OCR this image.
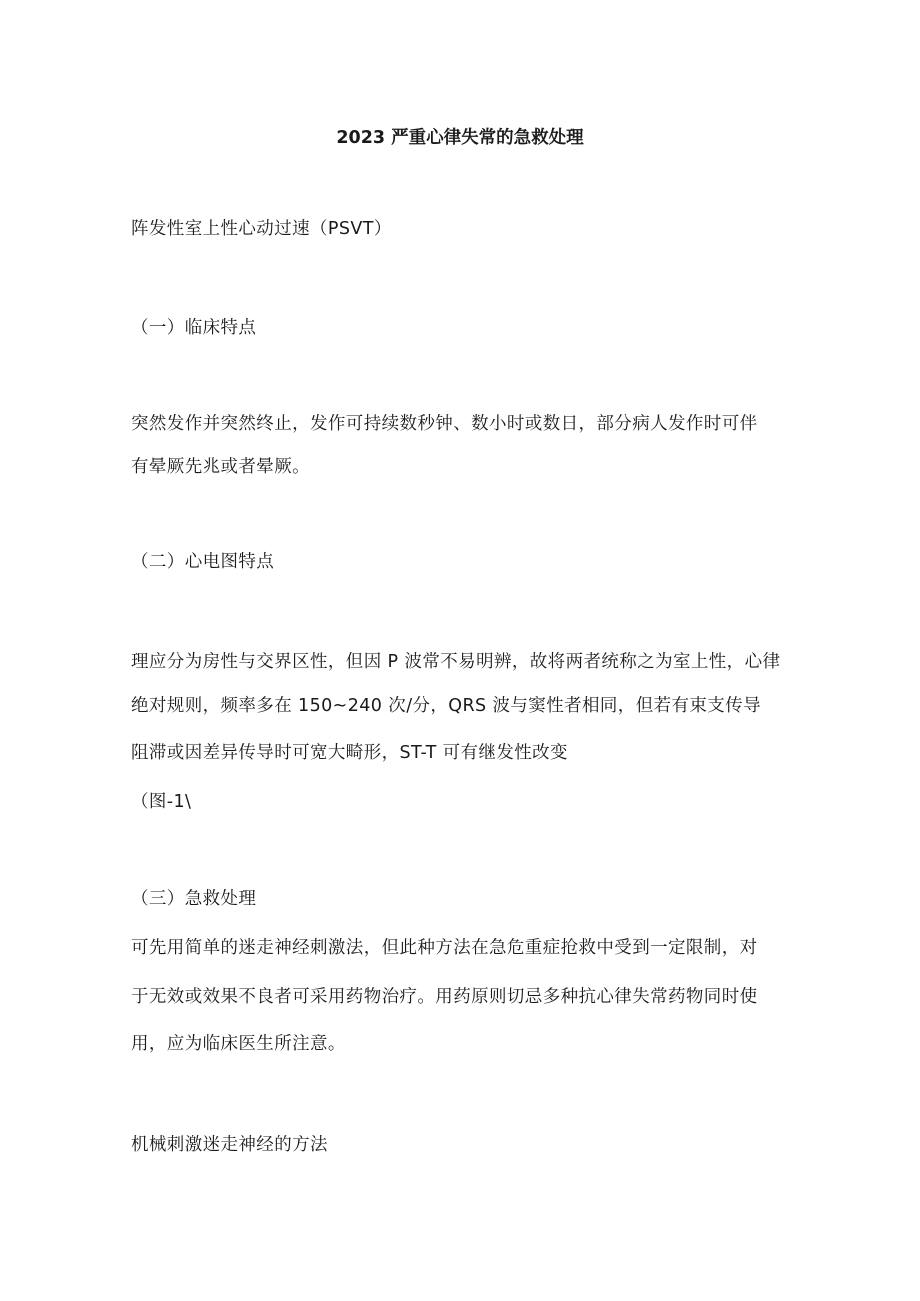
2023 严重心律失常的急救处理
阵发性室上性心动过速（PSVT）
（一）临床特点
突然发作并突然终止，发作可持续数秒钟、数小时或数日，部分病人发作时可伴
有晕厥先兆或者晕厥。
（二）心电图特点
理应分为房性与交界区性，但因 P 波常不易明辨，故将两者统称之为室上性，心律
绝对规则，频率多在 150~240 次/分，QRS 波与窦性者相同，但若有束支传导
阻滞或因差异传导时可宽大畸形，ST-T 可有继发性改变
（图-1\
（三）急救处理
可先用简单的迷走神经刺激法，但此种方法在急危重症抢救中受到一定限制，对
于无效或效果不良者可采用药物治疗。用药原则切忌多种抗心律失常药物同时使
用，应为临床医生所注意。
机械刺激迷走神经的方法
